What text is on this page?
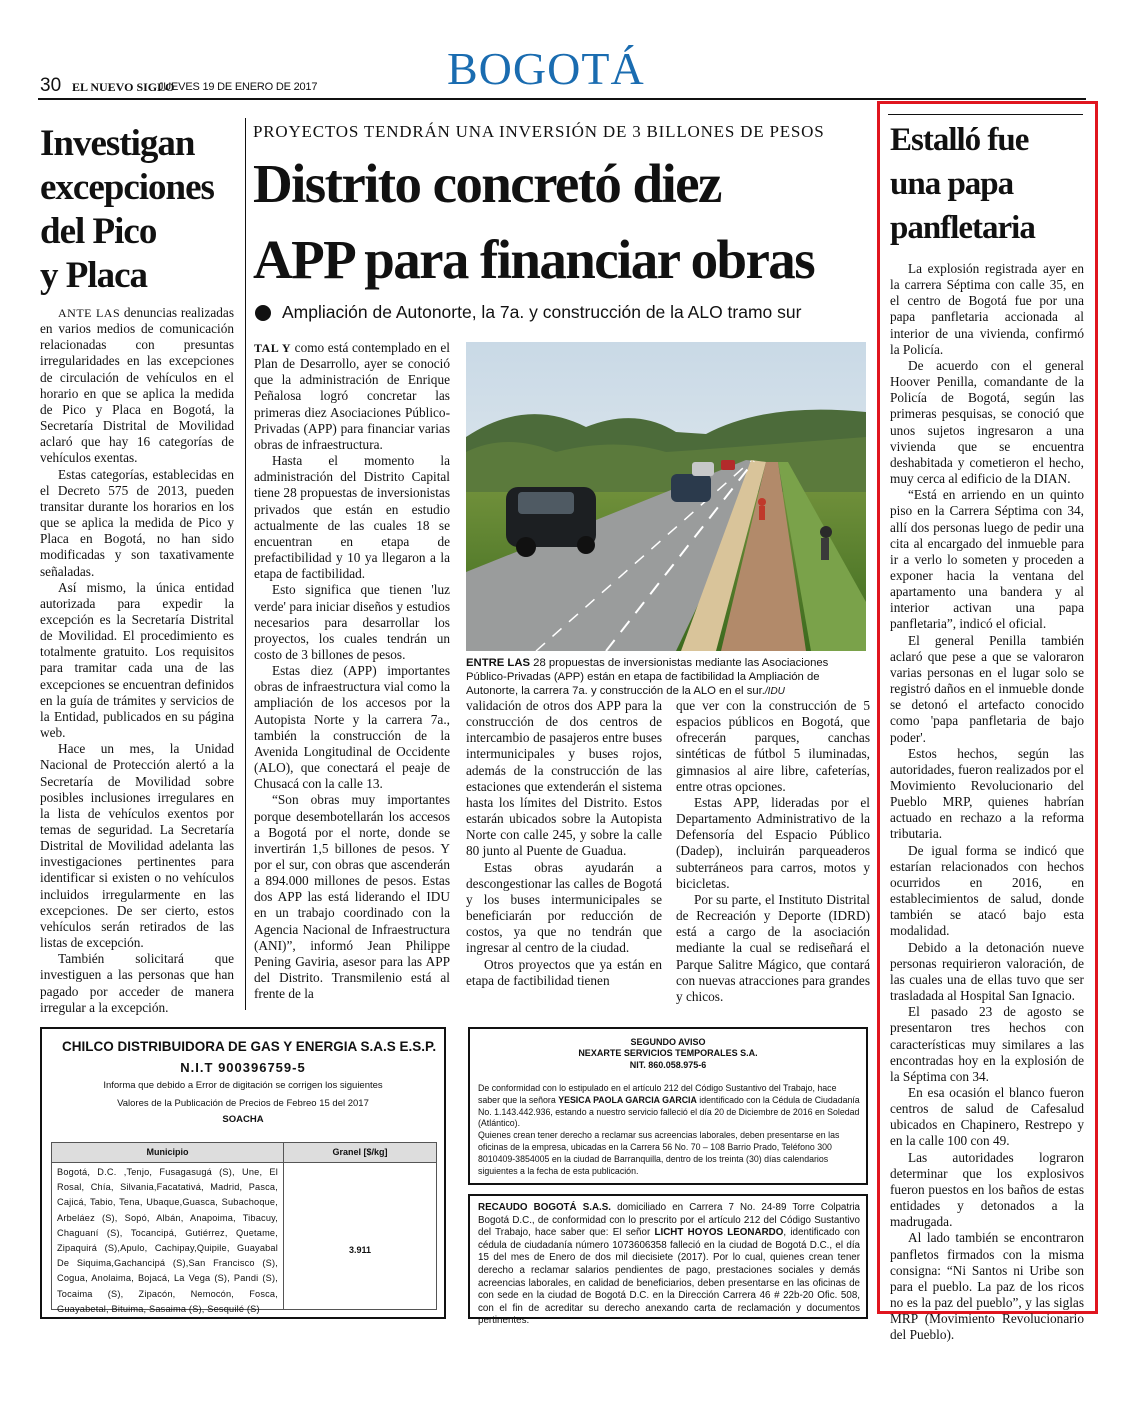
30 EL NUEVO SIGLO
JUEVES 19 DE ENERO DE 2017	BOGOTÁ
Investigan
excepciones
del Pico
y Placa

ANTE LAS denuncias realizadas en varios medios de comunicación relacionadas con presuntas irregularidades en las excepciones de circulación de vehículos en el horario en que se aplica la medida de Pico y Placa en Bogotá, la Secretaría Distrital de Movilidad aclaró que hay 16 categorías de vehículos exentas.

Estas categorías, establecidas en el Decreto 575 de 2013, pueden transitar durante los horarios en los que se aplica la medida de Pico y Placa en Bogotá, no han sido modificadas y son taxativamente señaladas.

Así mismo, la única entidad autorizada para expedir la excepción es la Secretaría Distrital de Movilidad. El procedimiento es totalmente gratuito. Los requisitos para tramitar cada una de las excepciones se encuentran definidos en la guía de trámites y servicios de la Entidad, publicados en su página web.

Hace un mes, la Unidad Nacional de Protección alertó a la Secretaría de Movilidad sobre posibles inclusiones irregulares en la lista de vehículos exentos por temas de seguridad. La Secretaría Distrital de Movilidad adelanta las investigaciones pertinentes para identificar si existen o no vehículos incluidos irregularmente en las excepciones. De ser cierto, estos vehículos serán retirados de las listas de excepción.

También solicitará que investiguen a las personas que han pagado por acceder de manera irregular a la excepción.

PROYECTOS TENDRÁN UNA INVERSIÓN DE 3 BILLONES DE PESOS
Distrito concretó diez
APP para financiar obras
Ampliación de Autonorte, la 7a. y construcción de la ALO tramo sur

TAL Y como está contemplado en el Plan de Desarrollo, ayer se conoció que la administración de Enrique Peñalosa logró concretar las primeras diez Asociaciones Público-Privadas (APP) para financiar varias obras de infraestructura.

Hasta el momento la administración del Distrito Capital tiene 28 propuestas de inversionistas privados que están en estudio actualmente de las cuales 18 se encuentran en etapa de prefactibilidad y 10 ya llegaron a la etapa de factibilidad.

Esto significa que tienen 'luz verde' para iniciar diseños y estudios necesarios para desarrollar los proyectos, los cuales tendrán un costo de 3 billones de pesos.

Estas diez (APP) importantes obras de infraestructura vial como la ampliación de los accesos por la Autopista Norte y la carrera 7a., también la construcción de la Avenida Longitudinal de Occidente (ALO), que conectará el peaje de Chusacá con la calle 13.

“Son obras muy importantes porque desembotellarán los accesos a Bogotá por el norte, donde se invertirán 1,5 billones de pesos. Y por el sur, con obras que ascenderán a 894.000 millones de pesos. Estas dos APP las está liderando el IDU en un trabajo coordinado con la Agencia Nacional de Infraestructura (ANI)”, informó Jean Philippe Pening Gaviria, asesor para las APP del Distrito. Transmilenio está al frente de la

ENTRE LAS 28 propuestas de inversionistas mediante las Asociaciones Público-Privadas (APP) están en etapa de factibilidad la Ampliación de Autonorte, la carrera 7a. y construcción de la ALO en el sur./IDU

validación de otros dos APP para la construcción de dos centros de intercambio de pasajeros entre buses intermunicipales y buses rojos, además de la construcción de las estaciones que extenderán el sistema hasta los límites del Distrito. Estos estarán ubicados sobre la Autopista Norte con calle 245, y sobre la calle 80 junto al Puente de Guadua.

Estas obras ayudarán a descongestionar las calles de Bogotá y los buses intermunicipales se beneficiarán por reducción de costos, ya que no tendrán que ingresar al centro de la ciudad.

Otros proyectos que ya están en etapa de factibilidad tienen

que ver con la construcción de 5 espacios públicos en Bogotá, que ofrecerán parques, canchas sintéticas de fútbol 5 iluminadas, gimnasios al aire libre, cafeterías, entre otras opciones.

Estas APP, lideradas por el Departamento Administrativo de la Defensoría del Espacio Público (Dadep), incluirán parqueaderos subterráneos para carros, motos y bicicletas.

Por su parte, el Instituto Distrital de Recreación y Deporte (IDRD) está a cargo de la asociación mediante la cual se rediseñará el Parque Salitre Mágico, que contará con nuevas atracciones para grandes y chicos.

Estalló fue
una papa
panfletaria

La explosión registrada ayer en la carrera Séptima con calle 35, en el centro de Bogotá fue por una papa panfletaria accionada al interior de una vivienda, confirmó la Policía.

De acuerdo con el general Hoover Penilla, comandante de la Policía de Bogotá, según las primeras pesquisas, se conoció que unos sujetos ingresaron a una vivienda que se encuentra deshabitada y cometieron el hecho, muy cerca al edificio de la DIAN.

“Está en arriendo en un quinto piso en la Carrera Séptima con 34, allí dos personas luego de pedir una cita al encargado del inmueble para ir a verlo lo someten y proceden a exponer hacia la ventana del apartamento una bandera y al interior activan una papa panfletaria”, indicó el oficial.

El general Penilla también aclaró que pese a que se valoraron varias personas en el lugar solo se registró daños en el inmueble donde se detonó el artefacto conocido como 'papa panfletaria de bajo poder'.

Estos hechos, según las autoridades, fueron realizados por el Movimiento Revolucionario del Pueblo MRP, quienes habrían actuado en rechazo a la reforma tributaria.

De igual forma se indicó que estarían relacionados con hechos ocurridos en 2016, en establecimientos de salud, donde también se atacó bajo esta modalidad.

Debido a la detonación nueve personas requirieron valoración, de las cuales una de ellas tuvo que ser trasladada al Hospital San Ignacio.

El pasado 23 de agosto se presentaron tres hechos con características muy similares a las encontradas hoy en la explosión de la Séptima con 34.

En esa ocasión el blanco fueron centros de salud de Cafesalud ubicados en Chapinero, Restrepo y en la calle 100 con 49.

Las autoridades lograron determinar que los explosivos fueron puestos en los baños de estas entidades y detonados a la madrugada.

Al lado también se encontraron panfletos firmados con la misma consigna: “Ni Santos ni Uribe son para el pueblo. La paz de los ricos no es la paz del pueblo”, y las siglas MRP (Movimiento Revolucionario del Pueblo).

CHILCO DISTRIBUIDORA DE GAS Y ENERGIA S.A.S E.S.P.
N.I.T 900396759-5
Informa que debido a Error de digitación se corrigen los siguientes
Valores de la Publicación de Precios de Febreo 15 del 2017
SOACHA
Municipio	Granel [$/kg]
Bogotá, D.C. ,Tenjo, Fusagasugá (S), Une, El Rosal, Chía, Silvania,Facatativá, Madrid, Pasca, Cajicá, Tabio, Tena, Ubaque,Guasca, Subachoque, Arbeláez (S), Sopó, Albán, Anapoima, Tibacuy, Chaguaní (S), Tocancipá, Gutiérrez, Quetame, Zipaquirá (S),Apulo, Cachipay,Quipile, Guayabal De Siquima,Gachancipá (S),San Francisco (S), Cogua, Anolaima, Bojacá, La Vega (S), Pandi (S), Tocaima (S), Zipacón, Nemocón, Fosca, Guayabetal, Bituima, Sasaima (S), Sesquilé (S)
3.911
SEGUNDO AVISO
NEXARTE SERVICIOS TEMPORALES S.A.
NIT. 860.058.975-6

De conformidad con lo estipulado en el artículo 212 del Código Sustantivo del Trabajo, hace saber que la señora YESICA PAOLA GARCIA GARCIA identificado con la Cédula de Ciudadanía No. 1.143.442.936, estando a nuestro servicio falleció el día 20 de Diciembre de 2016 en Soledad (Atlántico).

Quienes crean tener derecho a reclamar sus acreencias laborales, deben presentarse en las oficinas de la empresa, ubicadas en la Carrera 56 No. 70 – 108 Barrio Prado, Teléfono 300 8010409-3854005 en la ciudad de Barranquilla, dentro de los treinta (30) días calendarios siguientes a la fecha de esta publicación.

RECAUDO BOGOTÁ S.A.S. domiciliado en Carrera 7 No. 24-89 Torre Colpatria Bogotá D.C., de conformidad con lo prescrito por el artículo 212 del Código Sustantivo del Trabajo, hace saber que: El señor LICHT HOYOS LEONARDO, identificado con cédula de ciudadanía número 1073606358 falleció en la ciudad de Bogotá D.C., el día 15 del mes de Enero de dos mil diecisiete (2017). Por lo cual, quienes crean tener derecho a reclamar salarios pendientes de pago, prestaciones sociales y demás acreencias laborales, en calidad de beneficiarios, deben presentarse en las oficinas de con sede en la ciudad de Bogotá D.C. en la Dirección Carrera 46 # 22b-20 Ofic. 508, con el fin de acreditar su derecho anexando carta de reclamación y documentos pertinentes.
